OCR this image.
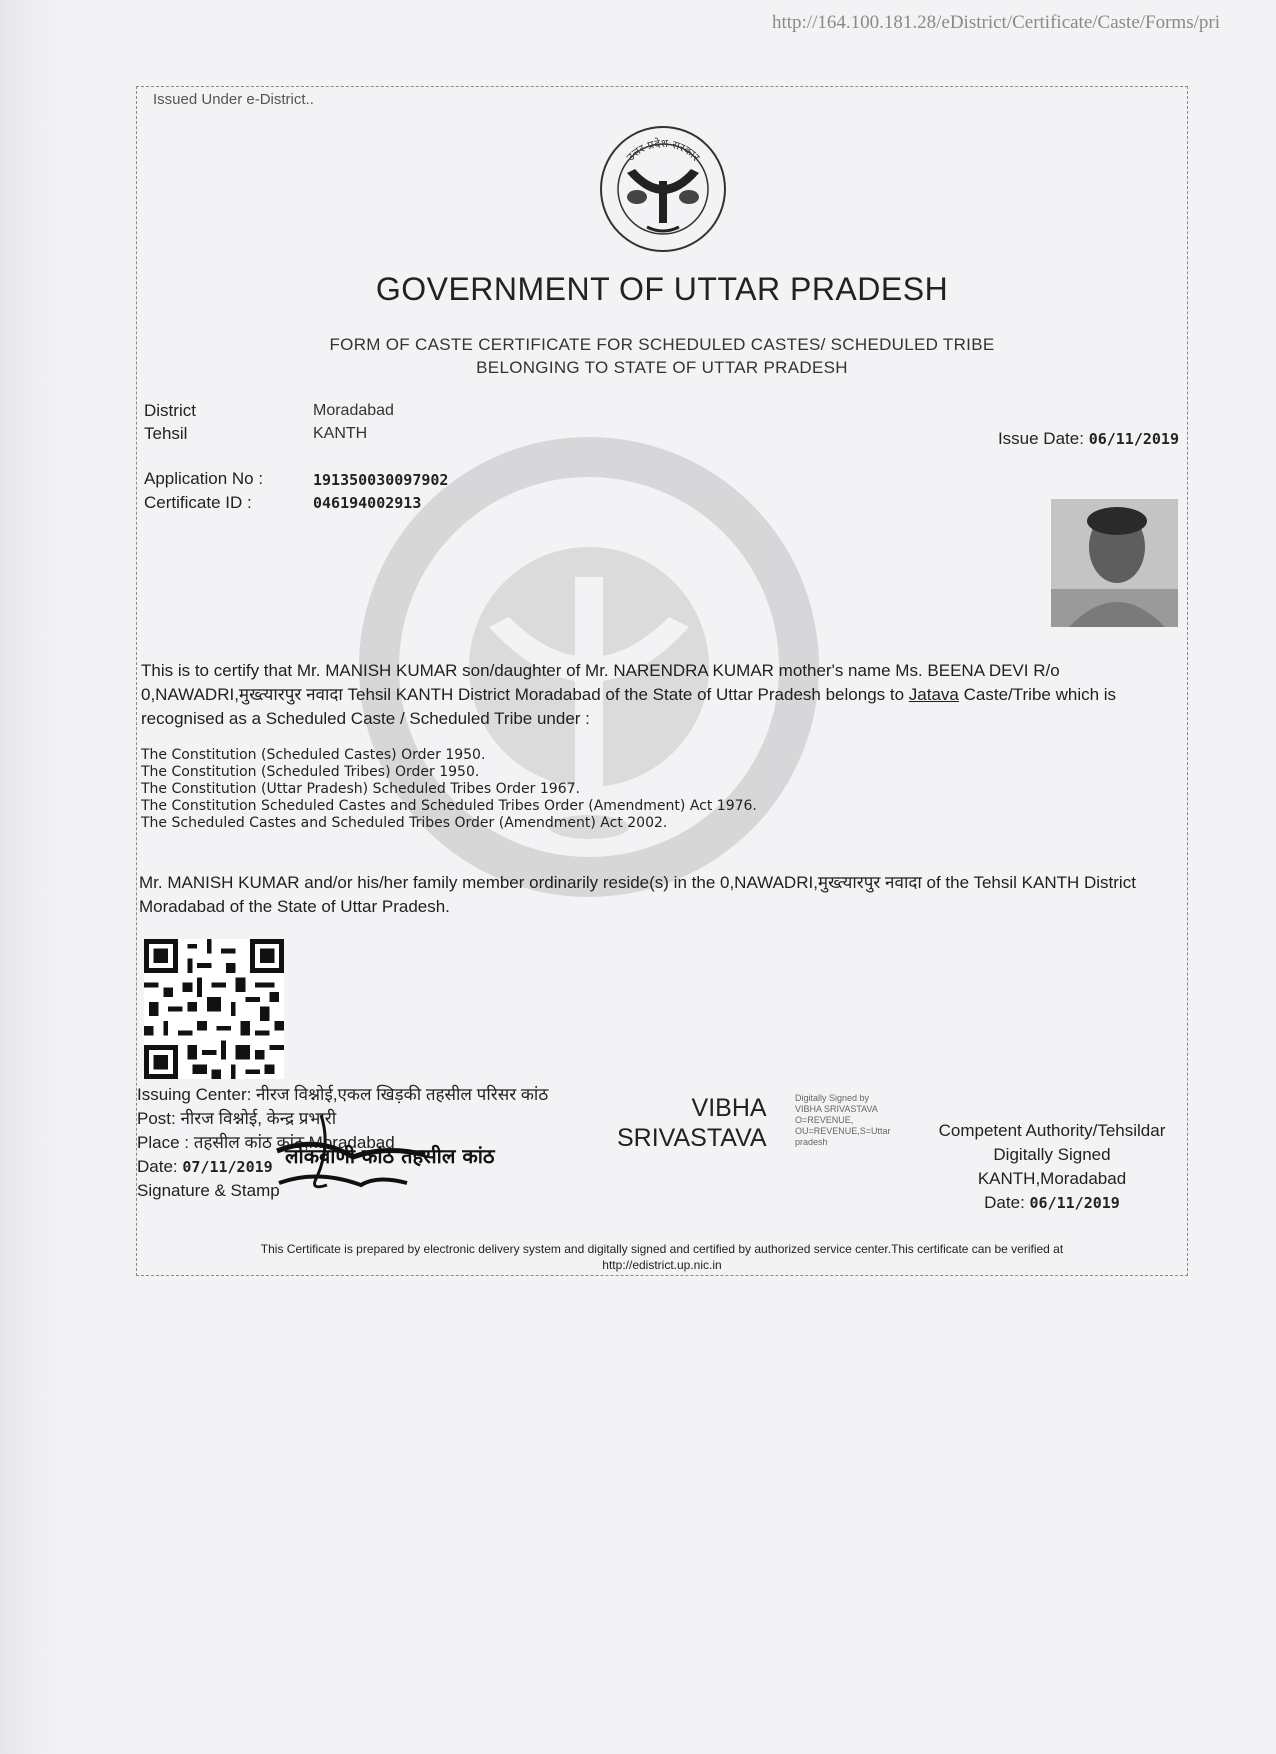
http://164.100.181.28/eDistrict/Certificate/Caste/Forms/pri
Issued Under e-District..
उत्तर प्रदेश सरकार
GOVERNMENT OF UTTAR PRADESH
FORM OF CASTE CERTIFICATE FOR SCHEDULED CASTES/ SCHEDULED TRIBE
BELONGING TO STATE OF UTTAR PRADESH
District	Moradabad
Tehsil	KANTH	Issue Date: 06/11/2019
Application No :	191350030097902
Certificate ID :	046194002913
This is to certify that Mr. MANISH KUMAR son/daughter of Mr. NARENDRA KUMAR mother's name Ms. BEENA DEVI R/o 0,NAWADRI,मुख्त्यारपुर नवादा Tehsil KANTH District Moradabad of the State of Uttar Pradesh belongs to Jatava Caste/Tribe which is recognised as a Scheduled Caste / Scheduled Tribe under :
The Constitution (Scheduled Castes) Order 1950.
The Constitution (Scheduled Tribes) Order 1950.
The Constitution (Uttar Pradesh) Scheduled Tribes Order 1967.
The Constitution Scheduled Castes and Scheduled Tribes Order (Amendment) Act 1976.
The Scheduled Castes and Scheduled Tribes Order (Amendment) Act 2002.
Mr. MANISH KUMAR and/or his/her family member ordinarily reside(s) in the 0,NAWADRI,मुख्त्यारपुर नवादा of the Tehsil KANTH District Moradabad of the State of Uttar Pradesh.
Issuing Center: नीरज विश्नोई,एकल खिड़की तहसील परिसर कांठ
Post: नीरज विश्नोई, केन्द्र प्रभारी
Place : तहसील कांठ कांठ,Moradabad
Date: 07/11/2019
Signature & Stamp
लोकवाणी कांठ तहसील कांठ
VIBHA
SRIVASTAVA
Digitally Signed by
VIBHA SRIVASTAVA
O=REVENUE,
OU=REVENUE,S=Uttar
pradesh
Competent Authority/Tehsildar
Digitally Signed
KANTH,Moradabad
Date: 06/11/2019
This Certificate is prepared by electronic delivery system and digitally signed and certified by authorized service center.This certificate can be verified at
http://edistrict.up.nic.in
